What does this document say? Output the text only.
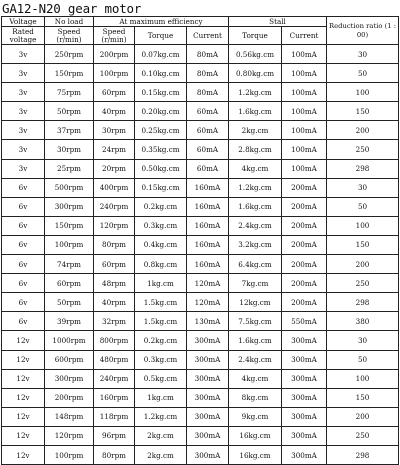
GA12-N20 gear motor
Voltage	No load	At maximum efficiency			Stall		Reduction ratio (1 : 00)
Rated voltage	Speed (r/min)	Speed (r/min)	Torque	Current	Torque	Current	
3v	250rpm	200rpm	0.07kg.cm	80mA	0.56kg.cm	100mA	30
3v	150rpm	100rpm	0.10kg.cm	80mA	0.80kg.cm	100mA	50
3v	75rpm	60rpm	0.15kg.cm	80mA	1.2kg.cm	100mA	100
3v	50rpm	40rpm	0.20kg.cm	60mA	1.6kg.cm	100mA	150
3v	37rpm	30rpm	0.25kg.cm	60mA	2kg.cm	100mA	200
3v	30rpm	24rpm	0.35kg.cm	60mA	2.8kg.cm	100mA	250
3v	25rpm	20rpm	0.50kg.cm	60mA	4kg.cm	100mA	298
6v	500rpm	400rpm	0.15kg.cm	160mA	1.2kg.cm	200mA	30
6v	300rpm	240rpm	0.2kg.cm	160mA	1.6kg.cm	200mA	50
6v	150rpm	120rpm	0.3kg.cm	160mA	2.4kg.cm	200mA	100
6v	100rpm	80rpm	0.4kg.cm	160mA	3.2kg.cm	200mA	150
6v	74rpm	60rpm	0.8kg.cm	160mA	6.4kg.cm	200mA	200
6v	60rpm	48rpm	1kg.cm	120mA	7kg.cm	200mA	250
6v	50rpm	40rpm	1.5kg.cm	120mA	12kg.cm	200mA	298
6v	39rpm	32rpm	1.5kg.cm	130mA	7.5kg.cm	550mA	380
12v	1000rpm	800rpm	0.2kg.cm	300mA	1.6kg.cm	300mA	30
12v	600rpm	480rpm	0.3kg.cm	300mA	2.4kg.cm	300mA	50
12v	300rpm	240rpm	0.5kg.cm	300mA	4kg.cm	300mA	100
12v	200rpm	160rpm	1kg.cm	300mA	8kg.cm	300mA	150
12v	148rpm	118rpm	1.2kg.cm	300mA	9kg.cm	300mA	200
12v	120rpm	96rpm	2kg.cm	300mA	16kg.cm	300mA	250
12v	100rpm	80rpm	2kg.cm	300mA	16kg.cm	300mA	298
